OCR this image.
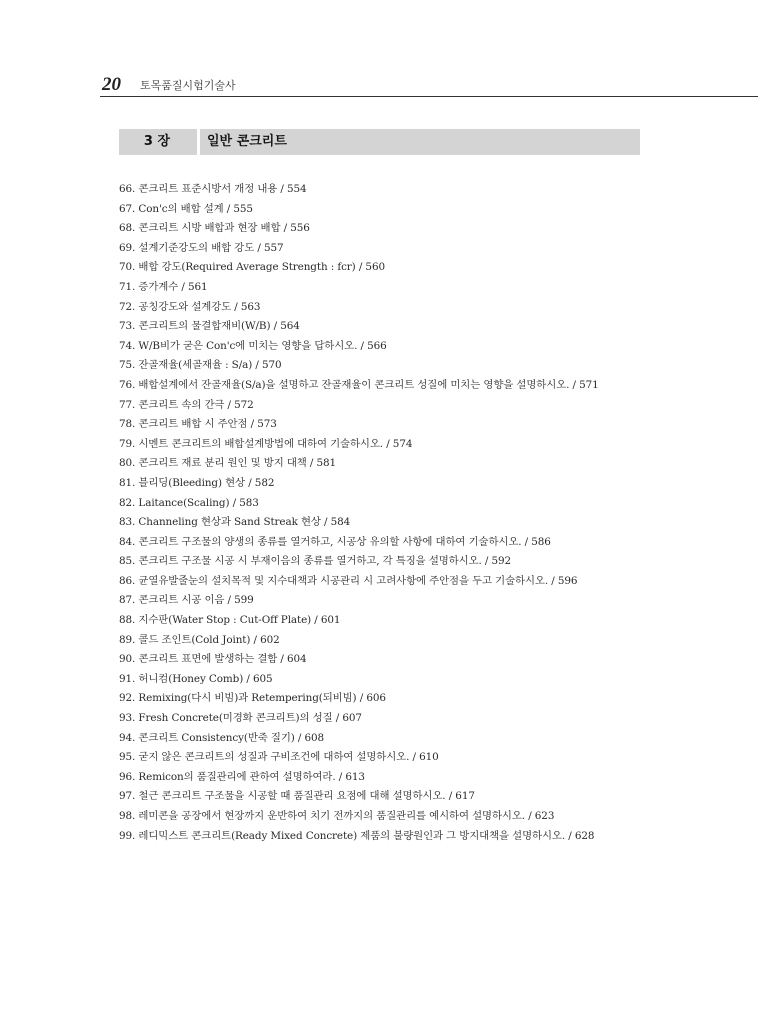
20 토목품질시험기술사
3 장	일반 콘크리트
66. 콘크리트 표준시방서 개정 내용 / 554
67. Con'c의 배합 설계 / 555
68. 콘크리트 시방 배합과 현장 배합 / 556
69. 설계기준강도의 배합 강도 / 557
70. 배합 강도(Required Average Strength : fcr) / 560
71. 증가계수 / 561
72. 공칭강도와 설계강도 / 563
73. 콘크리트의 물결합재비(W/B) / 564
74. W/B비가 굳은 Con'c에 미치는 영향을 답하시오. / 566
75. 잔골재율(세골재율 : S/a) / 570
76. 배합설계에서 잔골재율(S/a)을 설명하고 잔골재율이 콘크리트 성질에 미치는 영향을 설명하시오. / 571
77. 콘크리트 속의 간극 / 572
78. 콘크리트 배합 시 주안점 / 573
79. 시멘트 콘크리트의 배합설계방법에 대하여 기술하시오. / 574
80. 콘크리트 재료 분리 원인 및 방지 대책 / 581
81. 블리딩(Bleeding) 현상 / 582
82. Laitance(Scaling) / 583
83. Channeling 현상과 Sand Streak 현상 / 584
84. 콘크리트 구조물의 양생의 종류를 열거하고, 시공상 유의할 사항에 대하여 기술하시오. / 586
85. 콘크리트 구조물 시공 시 부재이음의 종류를 열거하고, 각 특징을 설명하시오. / 592
86. 균열유발줄눈의 설치목적 및 지수대책과 시공관리 시 고려사항에 주안점을 두고 기술하시오. / 596
87. 콘크리트 시공 이음 / 599
88. 지수판(Water Stop : Cut-Off Plate) / 601
89. 콜드 조인트(Cold Joint) / 602
90. 콘크리트 표면에 발생하는 결함 / 604
91. 허니컴(Honey Comb) / 605
92. Remixing(다시 비빔)과 Retempering(되비빔) / 606
93. Fresh Concrete(미경화 콘크리트)의 성질 / 607
94. 콘크리트 Consistency(반죽 질기) / 608
95. 굳지 않은 콘크리트의 성질과 구비조건에 대하여 설명하시오. / 610
96. Remicon의 품질관리에 관하여 설명하여라. / 613
97. 철근 콘크리트 구조물을 시공할 때 품질관리 요점에 대해 설명하시오. / 617
98. 레미콘을 공장에서 현장까지 운반하여 치기 전까지의 품질관리를 예시하여 설명하시오. / 623
99. 레디믹스트 콘크리트(Ready Mixed Concrete) 제품의 불량원인과 그 방지대책을 설명하시오. / 628
